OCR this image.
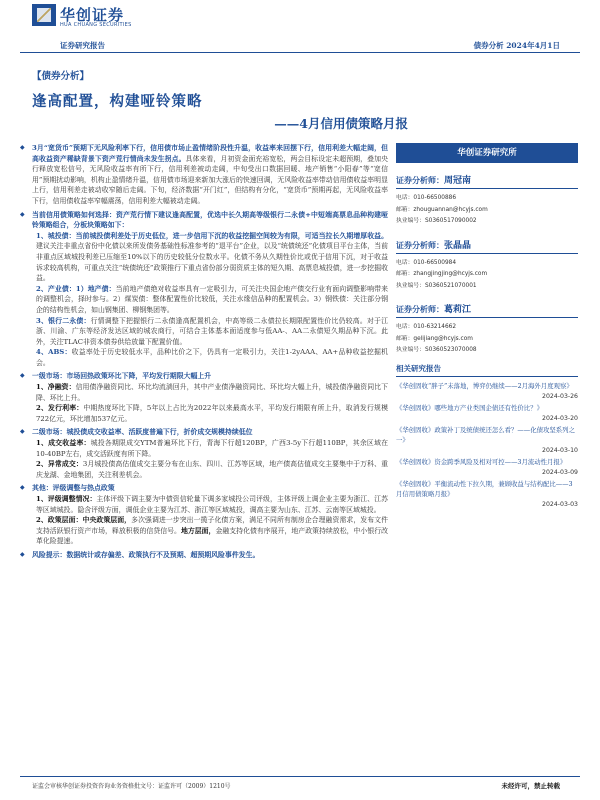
华创证券
HUA CHUANG SECURITIES
证券研究报告	债券分析 2024年4月1日
【债券分析】
逢高配置，构建哑铃策略
——4月信用债策略月报

◆ 3月“宽货币”预期下无风险利率下行，信用债市场止盈情绪阶段性升温，收益率来回摆下行，信用利差大幅走阔，但高收益资产稀缺背景下资产荒行情尚未发生拐点。具体来看，月初资金面充裕宽松，两会目标设定未超预期，叠加央行释放宽松信号，无风险收益率有所下行，信用利差被动走阔，中旬受出口数据回暖、地产销售“小阳春”等“宽信用”预期扰动影响，机构止盈情绪升温，信用债市场迎来新加大涨后的快速回调，无风险收益率带动信用债收益率明显上行，信用利差走被动收窄随后走阔。下旬，经济数据“开门红”，但结构有分化，“宽货币”预期再起，无风险收益率下行，信用债收益率窄幅震荡，信用利差大幅被动走阔。

◆ 当前信用债策略如何选择：资产荒行情下建议逢高配置，优选中长久期高等级银行二永债+中短端高票息品种构建哑铃策略组合，分板块策略如下：

1、城投债：当前城投债利差处于历史低位，进一步信用下沉的收益挖掘空间较为有限，可适当拉长久期增厚收益。建议关注非重点省份中化债以来所发债务基础性标准参考的“退平台”企业，以及“统债统还”化债项目平台主体，当前非重点区域城投利差已压缩至10%以下的历史较低分位数水平。化债不务从久期性价比或优于信用下沉，对于收益诉求较高机构，可重点关注“统债统还”政策推行下重点省份部分弱资质主体的短久期、高票息城投债，进一步挖掘收益。

2、产业债：1）地产债：当前地产债绝对收益率具有一定吸引力，可关注央国企地产债交行业有面向调整影响带来的调整机会，择时参与。2）煤炭债：整体配置性价比较低，关注水缘信品种的配置机会。3）钢铁债：关注部分钢企的结构性机会，如山钢集团、柳钢集团等。

3、银行二永债：行情调整下把握银行二永债逢高配置机会，中高等级二永债拉长期限配置性价比仍较高。对于江浙、川渝、广东等经济发达区域的城农商行，可结合主体基本面适度参与低AA-、AA二永债短久期品种下沉。此外，关注TLAC非资本债券供给放量下配置价值。

4、ABS：收益率处于历史较低水平，品种比价之下，仍具有一定吸引力，关注1-2yAAA、AA+品种收益挖掘机会。

◆ 一级市场：市场回热政策环比下降，平均发行期限大幅上升

1、净融资：信用债净融资同比、环比均流淌回升，其中产业债净融资同比、环比均大幅上升，城投债净融资同比下降、环比上升。

2、发行利率：中期热度环比下降，5年以上占比为2022年以来最高水平，平均发行期限有所上升，取消发行规模722亿元，环比增加537亿元。

◆ 二级市场：城投债成交收益率、活跃度普遍下行，折价成交规模持续低位

1、成交收益率：城投各期限成交YTM普遍环比下行，青海下行超120BP，广西3-5y下行超110BP，其余区域在10-40BP左右，成交活跃度有所下降。

2、异常成交：3月城投债高估值成交主要分布在山东、四川、江苏等区域，地产债高估值成交主要集中于万科、重庆龙湖、金地集团，关注利差机会。

◆ 其他：评级调整与热点政策

1、评级调整情况：主体评级下调主要为中债资信轮量下调多家城投公司评级，主体评级上调企业主要为浙江、江苏等区域城投。隐含评级方面，调低企业主要为江苏、浙江等区域城投，调高主要为山东、江苏、云南等区域城投。

2、政策层面：中央政策层面，多次强调进一步突出一揽子化债方案，满足不同所有制房企合理融资需求，发布文件支持活跃银行资产市场，释放积极的信贷信号。地方层面，金融支持化债有序展开，地产政策持续放松，中小银行改革化险提速。

◆ 风险提示：数据统计或存偏差、政策执行不及预期、超预期风险事件发生。

华创证券研究所
证券分析师：周冠南
电话：010-66500886
邮箱：zhouguannan@hcyjs.com
执业编号：S0360517090002
证券分析师：张晶晶
电话：010-66500984
邮箱：zhangjingjing@hcyjs.com
执业编号：S0360521070001
证券分析师：葛莉江
电话：010-63214662
邮箱：gelijiang@hcyjs.com
执业编号：S0360523070008
相关研究报告
《华创固收“胖子”未落地，博弈仍继续——2月海外月度观察》
2024-03-26
《华创固收》哪些地方产业类国企债还有性价比？》
2024-03-20
《华创固收》政策补丁及统债统还怎么看？——化债攻坚系列之一》
2024-03-10
《华创固收》资金跨季风险及相对可控——3月流动性月报》
2024-03-09
《华创固收》平衡流动性下拉久期，兼顾收益与结构配比——3月信用债策略月报》
2024-03-03
证监会审核华创证券投资咨询业务资格批文号：证监许可（2009）1210号	未经许可，禁止转载
